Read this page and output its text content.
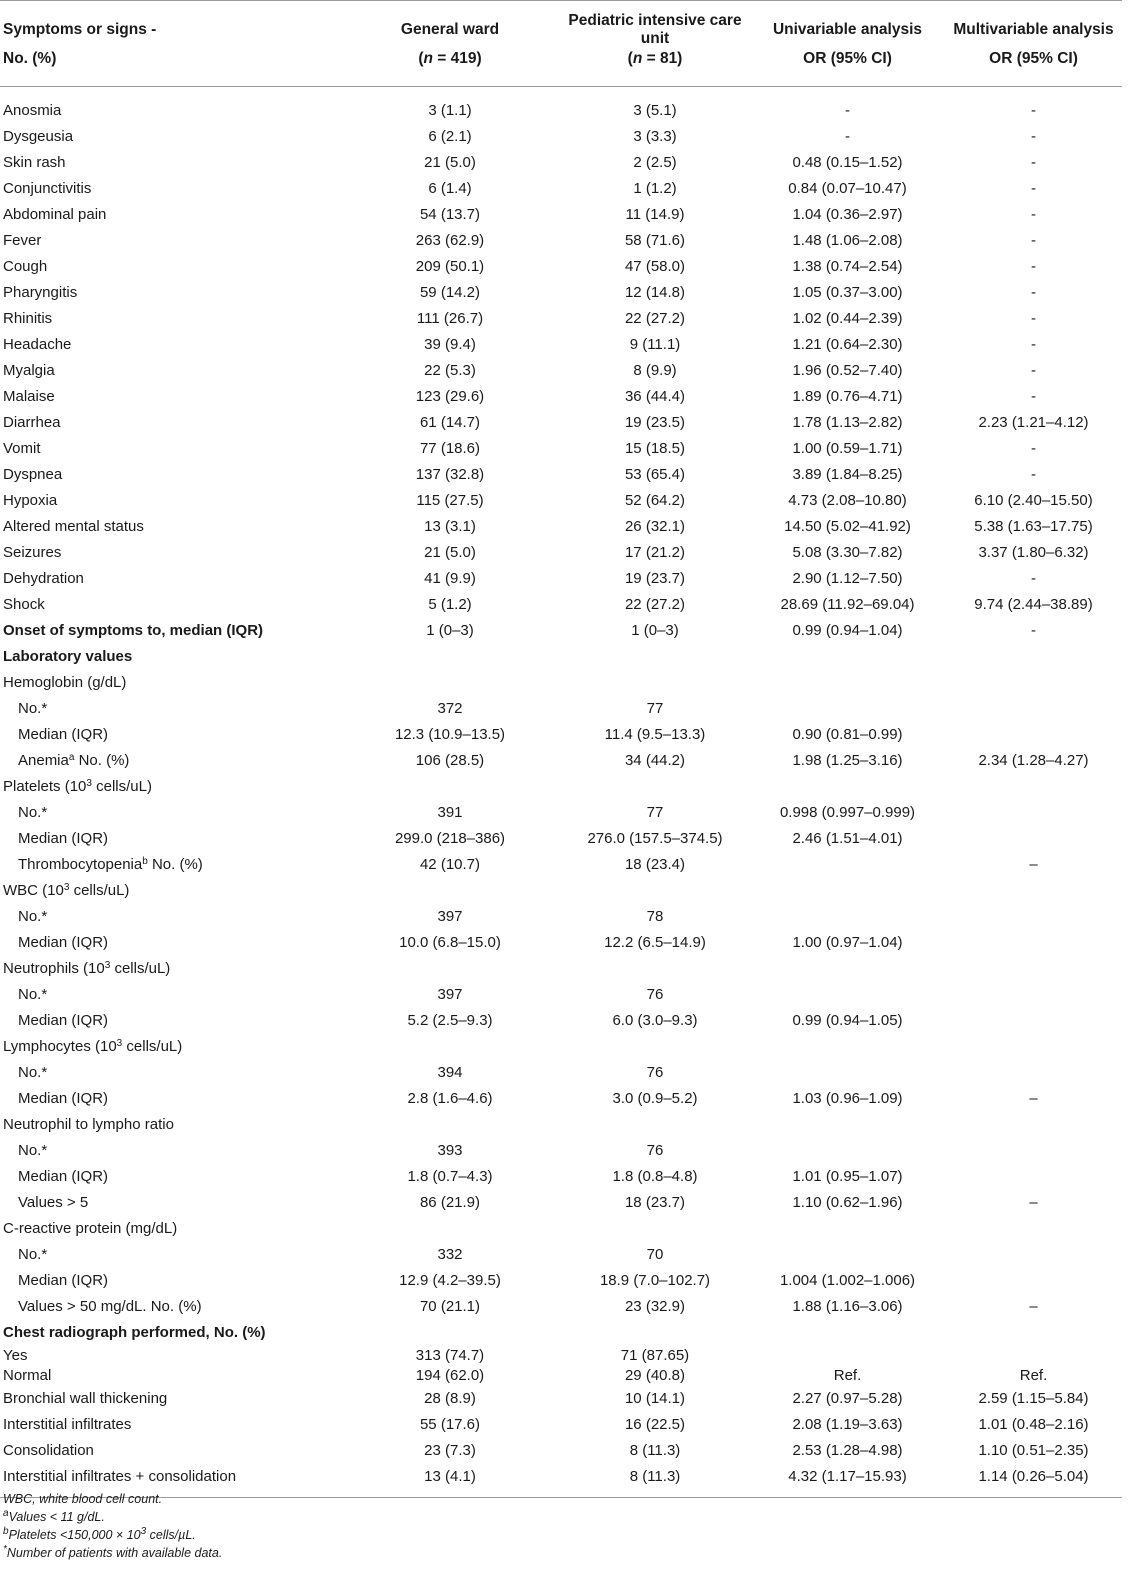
Symptoms or signs -	General ward	Pediatric intensive care unit	Univariable analysis	Multivariable analysis
No. (%)	(n = 419)	(n = 81)	OR (95% CI)	OR (95% CI)
Anosmia	3 (1.1)	3 (5.1)	-	-
Dysgeusia	6 (2.1)	3 (3.3)	-	-
Skin rash	21 (5.0)	2 (2.5)	0.48 (0.15–1.52)	-
Conjunctivitis	6 (1.4)	1 (1.2)	0.84 (0.07–10.47)	-
Abdominal pain	54 (13.7)	11 (14.9)	1.04 (0.36–2.97)	-
Fever	263 (62.9)	58 (71.6)	1.48 (1.06–2.08)	-
Cough	209 (50.1)	47 (58.0)	1.38 (0.74–2.54)	-
Pharyngitis	59 (14.2)	12 (14.8)	1.05 (0.37–3.00)	-
Rhinitis	111 (26.7)	22 (27.2)	1.02 (0.44–2.39)	-
Headache	39 (9.4)	9 (11.1)	1.21 (0.64–2.30)	-
Myalgia	22 (5.3)	8 (9.9)	1.96 (0.52–7.40)	-
Malaise	123 (29.6)	36 (44.4)	1.89 (0.76–4.71)	-
Diarrhea	61 (14.7)	19 (23.5)	1.78 (1.13–2.82)	2.23 (1.21–4.12)
Vomit	77 (18.6)	15 (18.5)	1.00 (0.59–1.71)	-
Dyspnea	137 (32.8)	53 (65.4)	3.89 (1.84–8.25)	-
Hypoxia	115 (27.5)	52 (64.2)	4.73 (2.08–10.80)	6.10 (2.40–15.50)
Altered mental status	13 (3.1)	26 (32.1)	14.50 (5.02–41.92)	5.38 (1.63–17.75)
Seizures	21 (5.0)	17 (21.2)	5.08 (3.30–7.82)	3.37 (1.80–6.32)
Dehydration	41 (9.9)	19 (23.7)	2.90 (1.12–7.50)	-
Shock	5 (1.2)	22 (27.2)	28.69 (11.92–69.04)	9.74 (2.44–38.89)
Onset of symptoms to, median (IQR)	1 (0–3)	1 (0–3)	0.99 (0.94–1.04)	-
Laboratory values				
Hemoglobin (g/dL)				
No.*	372	77		
Median (IQR)	12.3 (10.9–13.5)	11.4 (9.5–13.3)	0.90 (0.81–0.99)	
Anemia$^a$ No. (%)	106 (28.5)	34 (44.2)	1.98 (1.25–3.16)	2.34 (1.28–4.27)
Platelets ($10^3$ cells/uL)				
No.*	391	77	0.998 (0.997–0.999)	
Median (IQR)	299.0 (218–386)	276.0 (157.5–374.5)	2.46 (1.51–4.01)	
Thrombocytopenia$^b$ No. (%)	42 (10.7)	18 (23.4)		–
WBC ($10^3$ cells/uL)				
No.*	397	78		
Median (IQR)	10.0 (6.8–15.0)	12.2 (6.5–14.9)	1.00 (0.97–1.04)	
Neutrophils ($10^3$ cells/uL)				
No.*	397	76		
Median (IQR)	5.2 (2.5–9.3)	6.0 (3.0–9.3)	0.99 (0.94–1.05)	
Lymphocytes ($10^3$ cells/uL)				
No.*	394	76		
Median (IQR)	2.8 (1.6–4.6)	3.0 (0.9–5.2)	1.03 (0.96–1.09)	–
Neutrophil to lympho ratio				
No.*	393	76		
Median (IQR)	1.8 (0.7–4.3)	1.8 (0.8–4.8)	1.01 (0.95–1.07)	
Values > 5	86 (21.9)	18 (23.7)	1.10 (0.62–1.96)	–
C-reactive protein (mg/dL)				
No.*	332	70		
Median (IQR)	12.9 (4.2–39.5)	18.9 (7.0–102.7)	1.004 (1.002–1.006)	
Values > 50 mg/dL. No. (%)	70 (21.1)	23 (32.9)	1.88 (1.16–3.06)	–
Chest radiograph performed, No. (%)				
Yes	313 (74.7)	71 (87.65)		
Normal	194 (62.0)	29 (40.8)	Ref.	Ref.
Bronchial wall thickening	28 (8.9)	10 (14.1)	2.27 (0.97–5.28)	2.59 (1.15–5.84)
Interstitial infiltrates	55 (17.6)	16 (22.5)	2.08 (1.19–3.63)	1.01 (0.48–2.16)
Consolidation	23 (7.3)	8 (11.3)	2.53 (1.28–4.98)	1.10 (0.51–2.35)
Interstitial infiltrates + consolidation	13 (4.1)	8 (11.3)	4.32 (1.17–15.93)	1.14 (0.26–5.04)
WBC, white blood cell count.
$^a$Values < 11 g/dL.
$^b$Platelets $<150,000 \times 10^3$ cells/µL.
*Number of patients with available data.
